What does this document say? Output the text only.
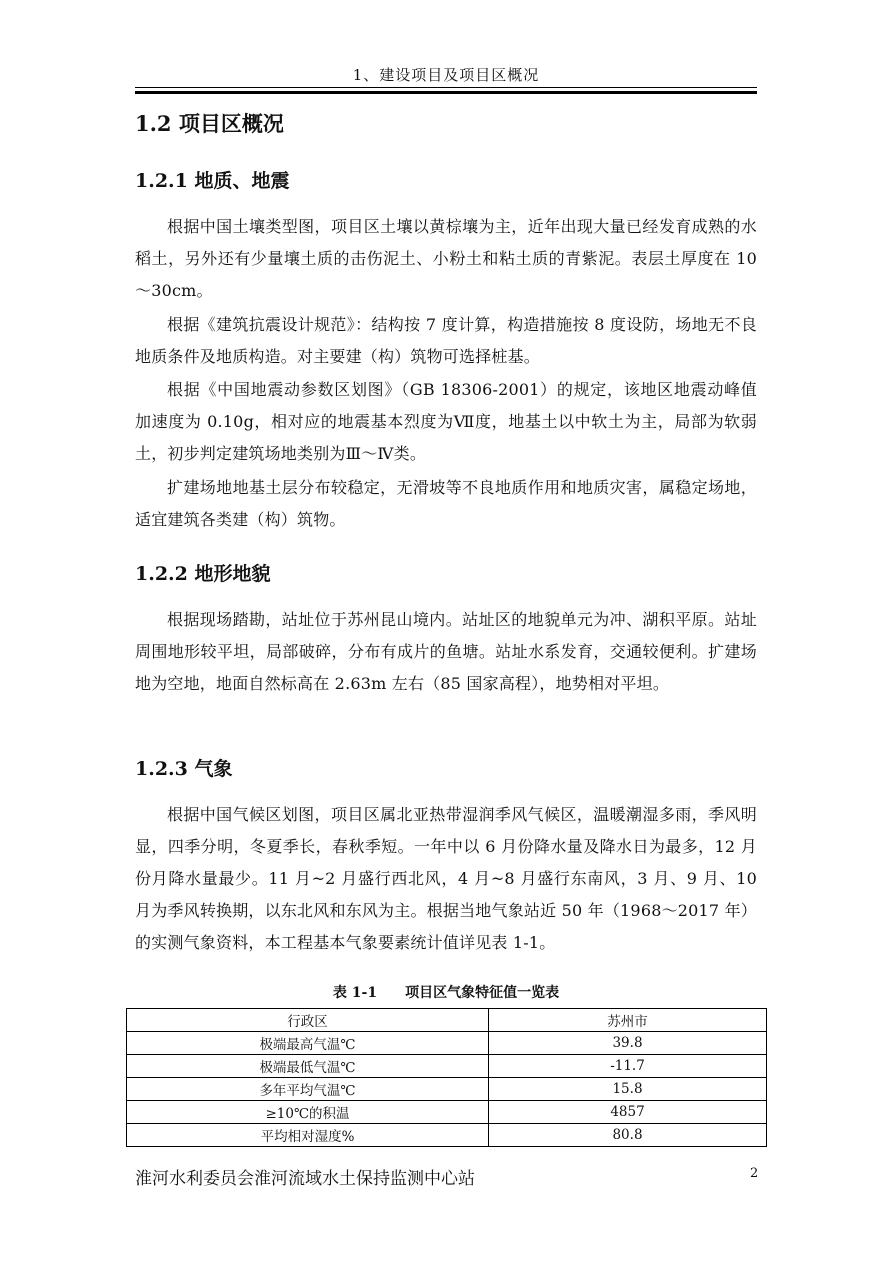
1、建设项目及项目区概况
1.2 项目区概况
1.2.1 地质、地震

根据中国土壤类型图，项目区土壤以黄棕壤为主，近年出现大量已经发育成熟的水稻土，另外还有少量壤土质的击伤泥土、小粉土和粘土质的青紫泥。表层土厚度在 10～30cm。

根据《建筑抗震设计规范》：结构按 7 度计算，构造措施按 8 度设防，场地无不良地质条件及地质构造。对主要建（构）筑物可选择桩基。

根据《中国地震动参数区划图》（GB 18306-2001）的规定，该地区地震动峰值加速度为 0.10g，相对应的地震基本烈度为Ⅶ度，地基土以中软土为主，局部为软弱土，初步判定建筑场地类别为Ⅲ～Ⅳ类。

扩建场地地基土层分布较稳定，无滑坡等不良地质作用和地质灾害，属稳定场地，适宜建筑各类建（构）筑物。

1.2.2 地形地貌

根据现场踏勘，站址位于苏州昆山境内。站址区的地貌单元为冲、湖积平原。站址周围地形较平坦，局部破碎，分布有成片的鱼塘。站址水系发育，交通较便利。扩建场地为空地，地面自然标高在 2.63m 左右（85 国家高程），地势相对平坦。

1.2.3 气象

根据中国气候区划图，项目区属北亚热带湿润季风气候区，温暖潮湿多雨，季风明显，四季分明，冬夏季长，春秋季短。一年中以 6 月份降水量及降水日为最多，12 月份月降水量最少。11 月~2 月盛行西北风，4 月~8 月盛行东南风，3 月、9 月、10 月为季风转换期，以东北风和东风为主。根据当地气象站近 50 年（1968～2017 年）的实测气象资料，本工程基本气象要素统计值详见表 1-1。

表 1-1　　项目区气象特征值一览表
行政区	苏州市
极端最高气温℃	39.8
极端最低气温℃	-11.7
多年平均气温℃	15.8
≥10℃的积温	4857
平均相对湿度%	80.8
淮河水利委员会淮河流域水土保持监测中心站	2
